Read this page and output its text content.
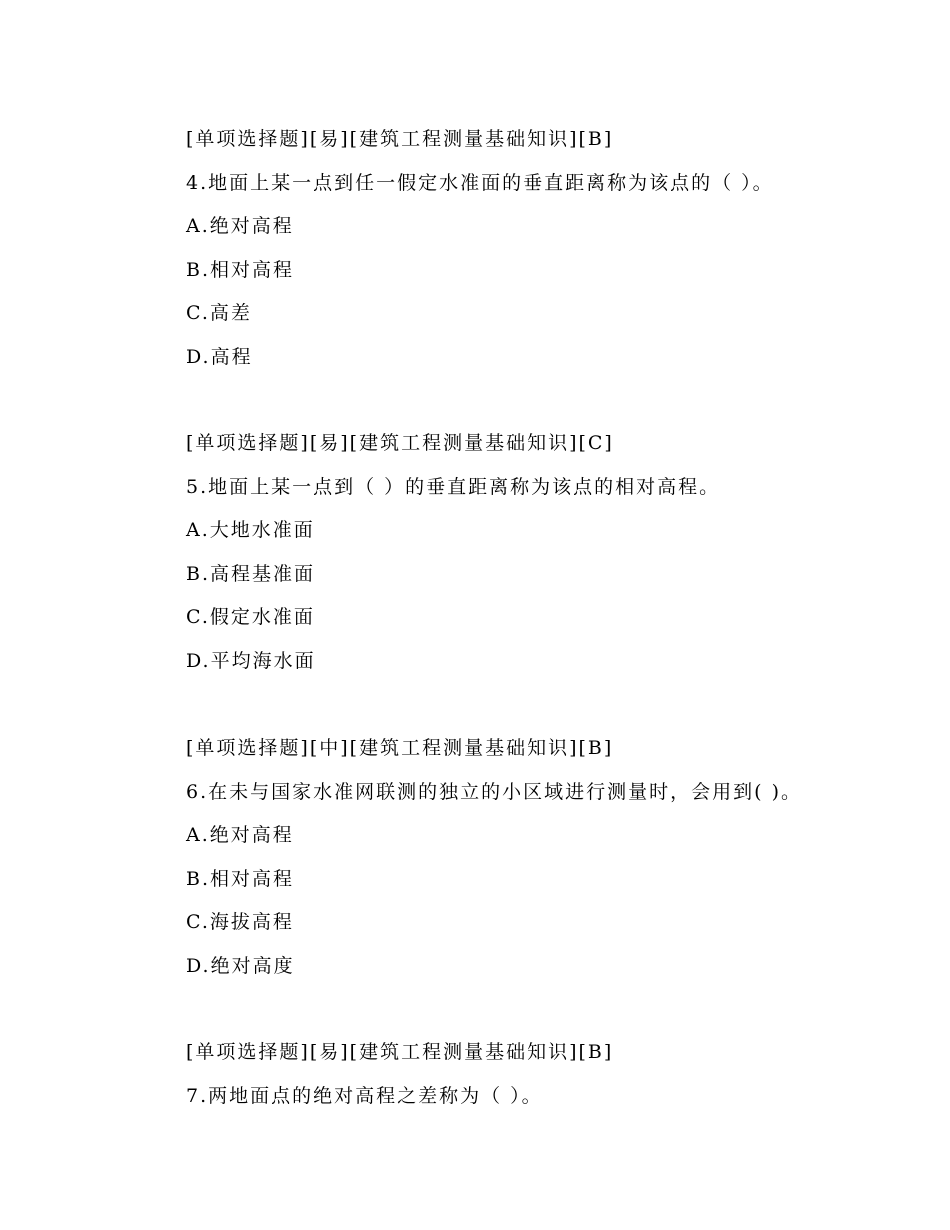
[单项选择题][易][建筑工程测量基础知识][B]
4.地面上某一点到任一假定水准面的垂直距离称为该点的（ ）。
A.绝对高程
B.相对高程
C.高差
D.高程
[单项选择题][易][建筑工程测量基础知识][C]
5.地面上某一点到（ ）的垂直距离称为该点的相对高程。
A.大地水准面
B.高程基准面
C.假定水准面
D.平均海水面
[单项选择题][中][建筑工程测量基础知识][B]
6.在未与国家水准网联测的独立的小区域进行测量时，会用到( )。
A.绝对高程
B.相对高程
C.海拔高程
D.绝对高度
[单项选择题][易][建筑工程测量基础知识][B]
7.两地面点的绝对高程之差称为（ ）。
